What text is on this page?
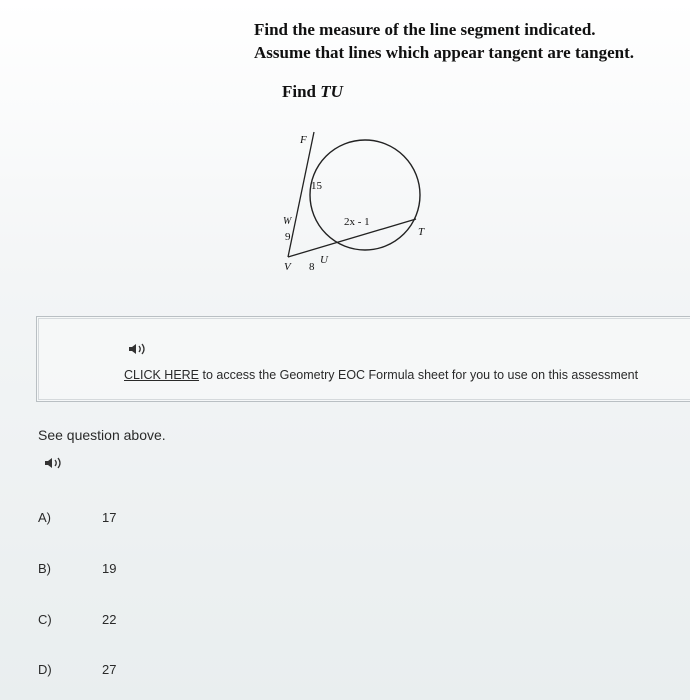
Find the measure of the line segment indicated.
Assume that lines which appear tangent are tangent.
Find TU
F
15
W
9
V 8
U
2x - 1
T
CLICK HERE to access the Geometry EOC Formula sheet for you to use on this assessment
See question above.
A)	17
B)	19
C)	22
D)	27
